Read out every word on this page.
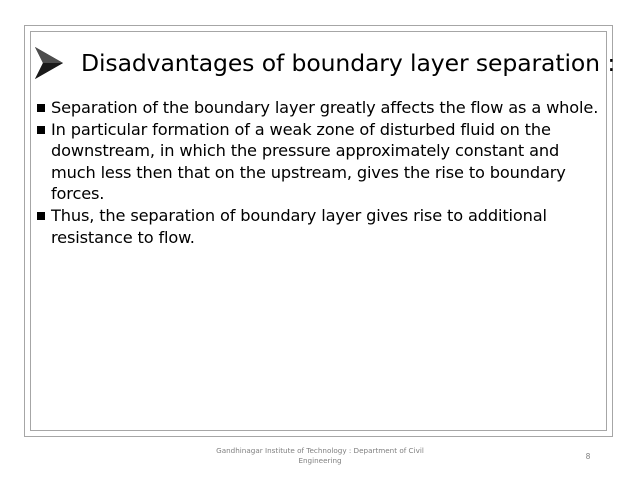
Disadvantages of boundary layer separation :
Separation of the boundary layer greatly affects the flow as a whole.
In particular formation of a weak zone of disturbed fluid on the downstream, in which the pressure approximately constant and much less then that on the upstream, gives the rise to boundary forces.
Thus, the separation of boundary layer gives rise to additional resistance to flow.
Gandhinagar Institute of Technology : Department of Civil Engineering	8
